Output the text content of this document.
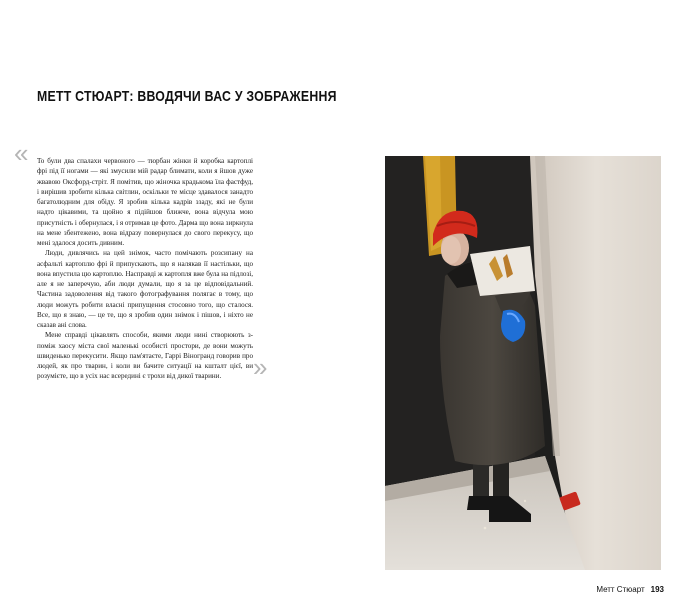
МЕТТ СТЮАРТ: ВВОДЯЧИ ВАС У ЗОБРАЖЕННЯ
« То були два спалахи червоного — тюрбан жінки й коробка картоплі фрі під її ногами — які змусили мій радар блимати, коли я йшов дуже жвавою Оксфорд-стріт. Я помітив, що жіночка крадькома їла фастфуд, і вирішив зробити кілька світлин, оскільки те місце здавалося занадто багатолюдним для обіду. Я зробив кілька кадрів ззаду, які не були надто цікавими, та щойно я підійшов ближче, вона відчула мою присутність і обернулася, і я отримав це фото. Дарма що вона зиркнула на мене збентежено, вона відразу повернулася до свого перекусу, що мені здалося досить дивним.

Люди, дивлячись на цей знімок, часто помічають розсипану на асфальті картоплю фрі й припускають, що я налякав її настільки, що вона впустила цю картоплю. Насправді ж картопля вже була на підлозі, але я не заперечую, аби люди думали, що я за це відповідальний. Частина задоволення від такого фотографування полягає в тому, що люди можуть робити власні припущення стосовно того, що сталося. Все, що я знаю, — це те, що я зробив один знімок і пішов, і ніхто не сказав ані слова.

Мене справді цікавлять способи, якими люди нині створюють з-поміж хаосу міста свої маленькі особисті простори, де вони можуть швиденько перекусити. Якщо пам'ятаєте, Гаррі Віногранд говорив про людей, як про тварин, і коли ви бачите ситуації на кшталт цієї, ви розумієте, що в усіх нас всередині є трохи від дикої тварини.	»
Метт Стюарт 193
